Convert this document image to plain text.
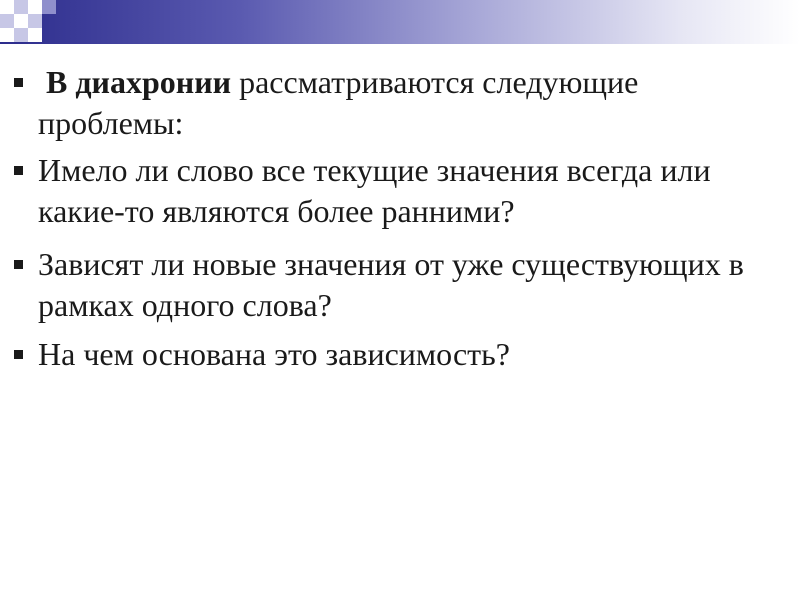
В диахронии рассматриваются следующие проблемы:
Имело ли слово все текущие значения всегда или какие-то являются более ранними?
Зависят ли новые значения от уже существующих в рамках одного слова?
На чем основана это зависимость?
